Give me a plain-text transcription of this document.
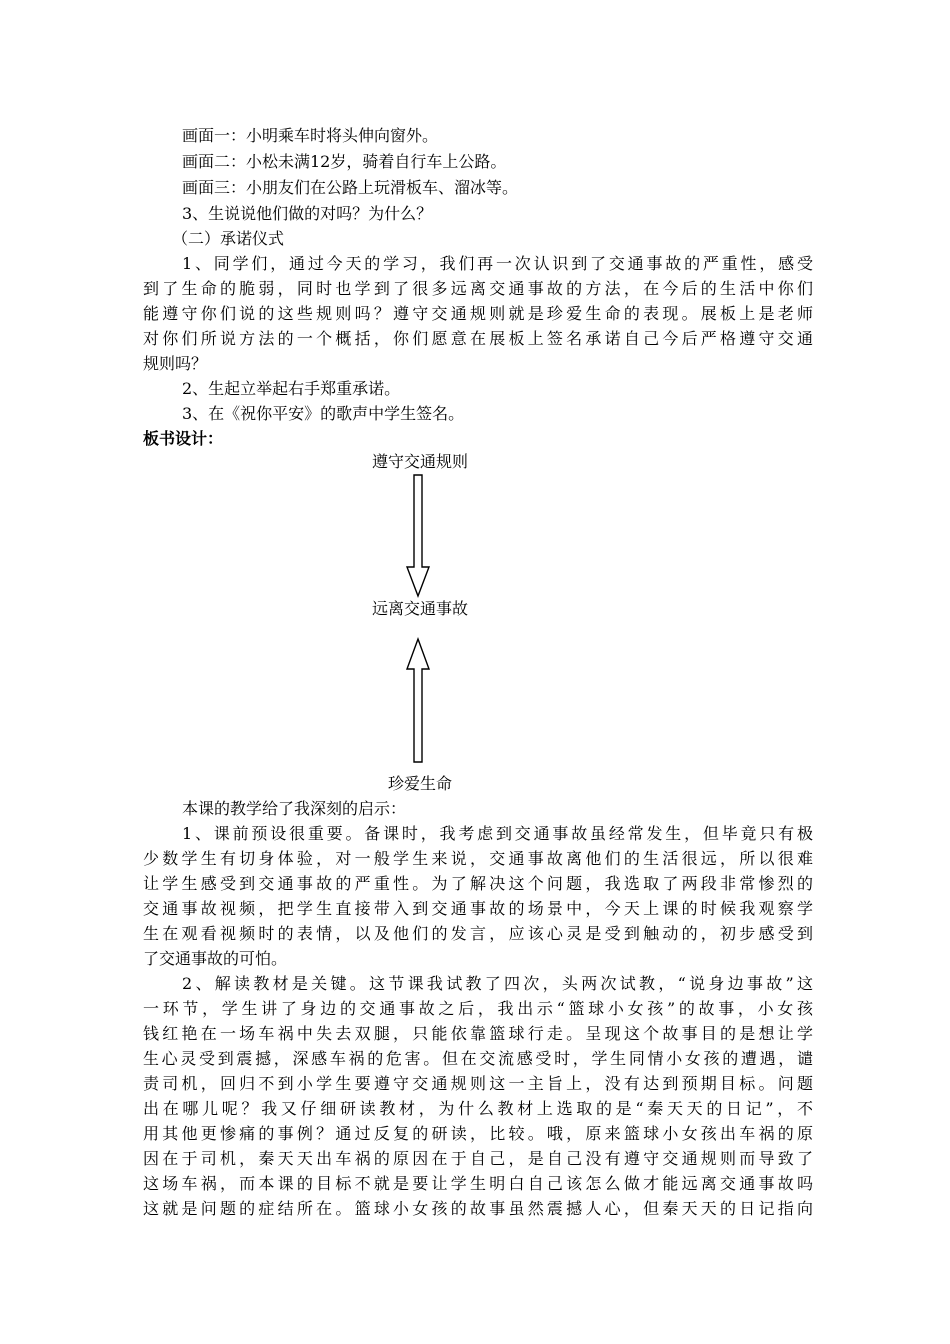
画面一：小明乘车时将头伸向窗外。
画面二：小松未满12岁，骑着自行车上公路。
画面三：小朋友们在公路上玩滑板车、溜冰等。
3、生说说他们做的对吗？为什么？
（二）承诺仪式
1、同学们，通过今天的学习，我们再一次认识到了交通事故的严重性，感受
到了生命的脆弱，同时也学到了很多远离交通事故的方法，在今后的生活中你们
能遵守你们说的这些规则吗？遵守交通规则就是珍爱生命的表现。展板上是老师
对你们所说方法的一个概括，你们愿意在展板上签名承诺自己今后严格遵守交通
规则吗？
2、生起立举起右手郑重承诺。
3、在《祝你平安》的歌声中学生签名。
板书设计：
遵守交通规则
远离交通事故
珍爱生命
本课的教学给了我深刻的启示：
1、课前预设很重要。备课时，我考虑到交通事故虽经常发生，但毕竟只有极
少数学生有切身体验，对一般学生来说，交通事故离他们的生活很远，所以很难
让学生感受到交通事故的严重性。为了解决这个问题，我选取了两段非常惨烈的
交通事故视频，把学生直接带入到交通事故的场景中，今天上课的时候我观察学
生在观看视频时的表情，以及他们的发言，应该心灵是受到触动的，初步感受到
了交通事故的可怕。
2、解读教材是关键。这节课我试教了四次，头两次试教，“说身边事故”这
一环节，学生讲了身边的交通事故之后，我出示“篮球小女孩”的故事，小女孩
钱红艳在一场车祸中失去双腿，只能依靠篮球行走。呈现这个故事目的是想让学
生心灵受到震撼，深感车祸的危害。但在交流感受时，学生同情小女孩的遭遇，谴
责司机，回归不到小学生要遵守交通规则这一主旨上，没有达到预期目标。问题
出在哪儿呢？我又仔细研读教材，为什么教材上选取的是“秦天天的日记”，不
用其他更惨痛的事例？通过反复的研读，比较。哦，原来篮球小女孩出车祸的原
因在于司机，秦天天出车祸的原因在于自己，是自己没有遵守交通规则而导致了
这场车祸，而本课的目标不就是要让学生明白自己该怎么做才能远离交通事故吗
这就是问题的症结所在。篮球小女孩的故事虽然震撼人心，但秦天天的日记指向
